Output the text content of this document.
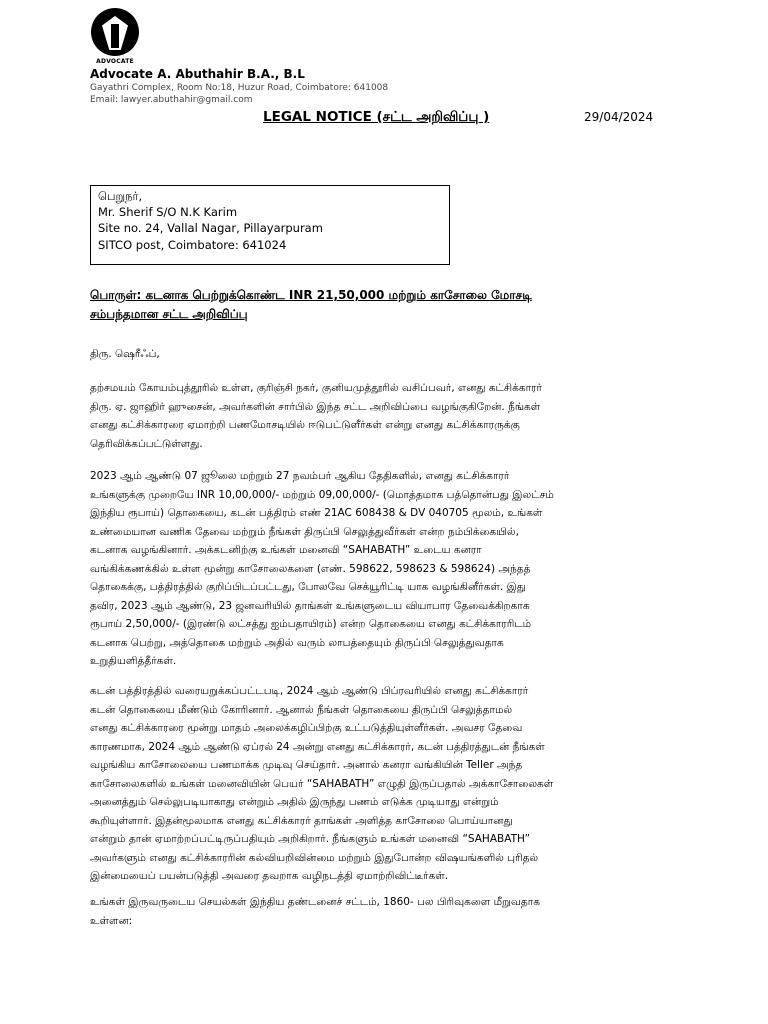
ADVOCATE
Advocate A. Abuthahir B.A., B.L
Gayathri Complex, Room No:18, Huzur Road, Coimbatore: 641008
Email: lawyer.abuthahir@gmail.com
LEGAL NOTICE (சட்ட அறிவிப்பு )	29/04/2024
பெறுநர்,
Mr. Sherif S/O N.K Karim
Site no. 24, Vallal Nagar, Pillayarpuram
SITCO post, Coimbatore: 641024
பொருள்: கடனாக பெற்றுக்கொண்ட INR 21,50,000 மற்றும் காசோலை மோசடி
சம்பந்தமான சட்ட அறிவிப்பு
திரு. ஷெரீஃப்,
தற்சமயம் கோயம்புத்தூரில் உள்ள, குரிஞ்சி நகர், குனியமுத்தூரில் வசிப்பவர், எனது கட்சிக்காரர்
திரு. ஏ. ஜாஹிர் ஹுசைன், அவர்களின் சார்பில் இந்த சட்ட அறிவிப்பை வழங்குகிறேன். நீங்கள்
எனது கட்சிக்காரரை ஏமாற்றி பணமோசடியில் ஈடுபட்டுளீர்கள் என்று எனது கட்சிக்காரருக்கு
தெரிவிக்கப்பட்டுள்ளது.
2023 ஆம் ஆண்டு 07 ஜூலை மற்றும் 27 நவம்பர் ஆகிய தேதிகளில், எனது கட்சிக்காரர்
உங்களுக்கு முறையே INR 10,00,000/- மற்றும் 09,00,000/- (மொத்தமாக பத்தொன்பது இலட்சம்
இந்திய ரூபாய்) தொகையை, கடன் பத்திரம் எண் 21AC 608438 & DV 040705 மூலம், உங்கள்
உண்மையான வணிக தேவை மற்றும் நீங்கள் திருப்பி செலுத்துவீர்கள் என்ற நம்பிக்கையில்,
கடனாக வழங்கினார். அக்கடனிற்கு உங்கள் மனைவி “SAHABATH” உடைய கனரா
வங்கிக்கணக்கில் உள்ள மூன்று காசோலைகளை (எண். 598622, 598623 & 598624) அந்தத்
தொகைக்கு, பத்திரத்தில் குறிப்பிடப்பட்டது, போலவே செக்யூரிட்டி யாக வழங்கினீர்கள். இது
தவிர, 2023 ஆம் ஆண்டு, 23 ஜனவரியில் தாங்கள் உங்களுடைய வியாபார தேவைக்கிறகாக
ரூபாய் 2,50,000/- (இரண்டு லட்சத்து ஐம்பதாயிரம்) என்ற தொகையை எனது கட்சிக்காரரிடம்
கடனாக பெற்று, அத்தொகை மற்றும் அதில் வரும் லாபத்தையும் திருப்பி செலுத்துவதாக
உறுதியளித்தீர்கள்.
கடன் பத்திரத்தில் வரையறுக்கப்பட்டபடி, 2024 ஆம் ஆண்டு பிப்ரவரியில் எனது கட்சிக்காரர்
கடன் தொகையை மீண்டும் கோரினார். ஆனால் நீங்கள் தொகையை திருப்பி செலுத்தாமல்
எனது கட்சிக்காரரை மூன்று மாதம் அலைக்கழிப்பிற்கு உட்படுத்தியுள்ளீர்கள். அவசர தேவை
காரணமாக, 2024 ஆம் ஆண்டு ஏப்ரல் 24 அன்று எனது கட்சிக்காரர், கடன் பத்திரத்துடன் நீங்கள்
வழங்கிய காசோலையை பணமாக்க முடிவு செய்தார். அனால் கனரா வங்கியின் Teller அந்த
காசோலைகளில் உங்கள் மனைவியின் பெயர் “SAHABATH” எழுதி இருப்பதால் அக்காசோலைகள்
அனைத்தும் செல்லுபடியாகாது என்றும் அதில் இருந்து பணம் எடுக்க முடியாது என்றும்
கூறியுள்ளார். இதன்மூலமாக எனது கட்சிக்காரர் தாங்கள் அளித்த காசோலை பொய்யானது
என்றும் தான் ஏமாற்றப்பட்டிருப்பதியும் அறிகிறார். நீங்களும் உங்கள் மனைவி “SAHABATH”
அவர்களும் எனது கட்சிக்காரரின் கல்வியறிவின்மை மற்றும் இதுபோன்ற விஷயங்களில் புரிதல்
இன்மையைப் பயன்படுத்தி அவரை தவறாக வழிநடத்தி ஏமாற்றிவிட்டீர்கள்.
உங்கள் இருவருடைய செயல்கள் இந்திய தண்டனைச் சட்டம், 1860- பல பிரிவுகளை மீறுவதாக
உள்ளன:
